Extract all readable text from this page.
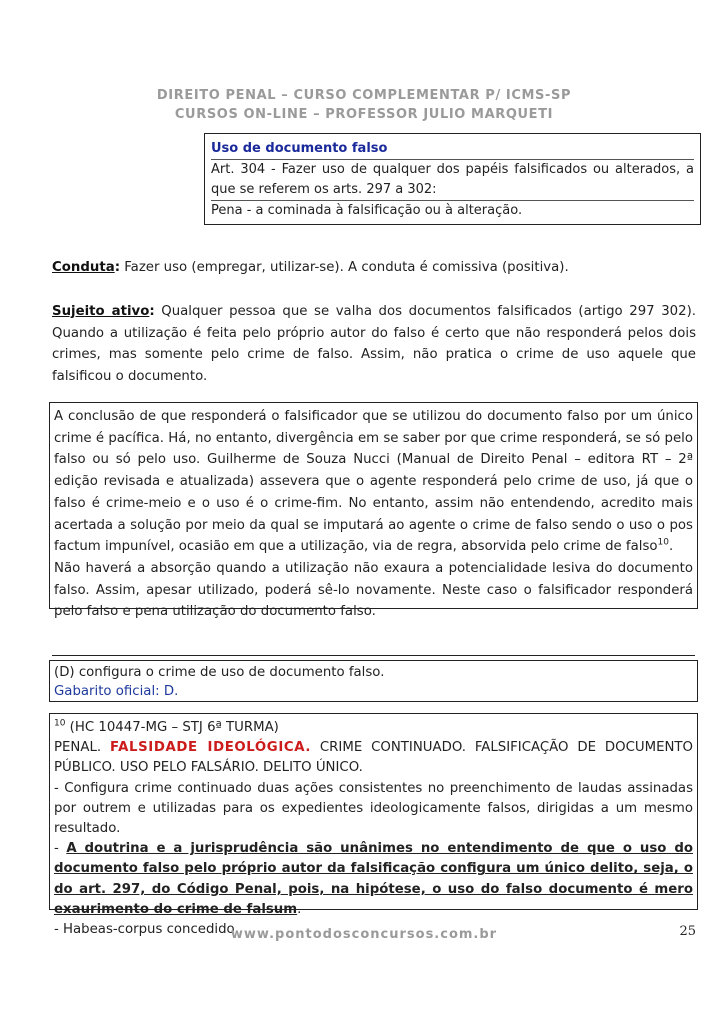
DIREITO PENAL – CURSO COMPLEMENTAR P/ ICMS-SP
CURSOS ON-LINE – PROFESSOR JULIO MARQUETI
Uso de documento falso
Art. 304 - Fazer uso de qualquer dos papéis falsificados ou alterados, a que se referem os arts. 297 a 302:
Pena - a cominada à falsificação ou à alteração.
Conduta: Fazer uso (empregar, utilizar-se). A conduta é comissiva (positiva).
Sujeito ativo: Qualquer pessoa que se valha dos documentos falsificados (artigo 297 302). Quando a utilização é feita pelo próprio autor do falso é certo que não responderá pelos dois crimes, mas somente pelo crime de falso. Assim, não pratica o crime de uso aquele que falsificou o documento.
A conclusão de que responderá o falsificador que se utilizou do documento falso por um único crime é pacífica. Há, no entanto, divergência em se saber por que crime responderá, se só pelo falso ou só pelo uso. Guilherme de Souza Nucci (Manual de Direito Penal – editora RT – 2ª edição revisada e atualizada) assevera que o agente responderá pelo crime de uso, já que o falso é crime-meio e o uso é o crime-fim. No entanto, assim não entendendo, acredito mais acertada a solução por meio da qual se imputará ao agente o crime de falso sendo o uso o pos factum impunível, ocasião em que a utilização, via de regra, absorvida pelo crime de falso$^{10}$.
Não haverá a absorção quando a utilização não exaura a potencialidade lesiva do documento falso. Assim, apesar utilizado, poderá sê-lo novamente. Neste caso o falsificador responderá pelo falso e pena utilização do documento falso.
(D) configura o crime de uso de documento falso.
Gabarito oficial: D.
$^{10}$ (HC 10447-MG – STJ 6ª TURMA)
PENAL. FALSIDADE IDEOLÓGICA. CRIME CONTINUADO. FALSIFICAÇÃO DE DOCUMENTO PÚBLICO. USO PELO FALSÁRIO. DELITO ÚNICO.
- Configura crime continuado duas ações consistentes no preenchimento de laudas assinadas por outrem e utilizadas para os expedientes ideologicamente falsos, dirigidas a um mesmo resultado.
- A doutrina e a jurisprudência são unânimes no entendimento de que o uso do documento falso pelo próprio autor da falsificação configura um único delito, seja, o do art. 297, do Código Penal, pois, na hipótese, o uso do falso documento é mero exaurimento do crime de falsum.
- Habeas-corpus concedido.
www.pontodosconcursos.com.br	25
